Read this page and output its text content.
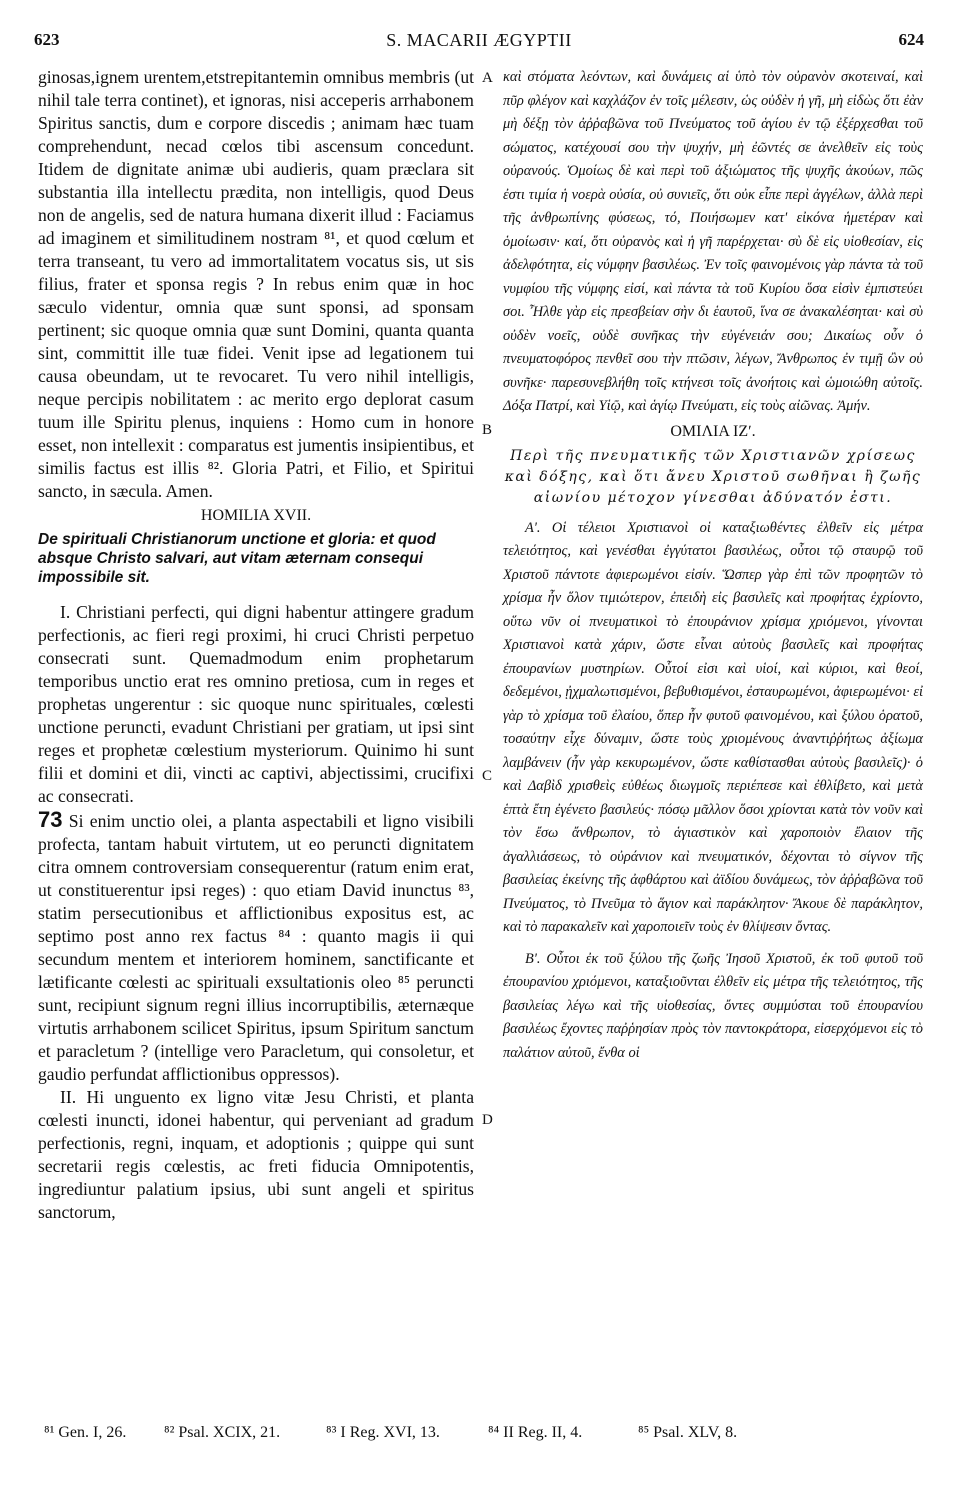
623	S. MACARII ÆGYPTII	624

ginosas,ignem urentem,etstrepitantemin omnibus membris (ut nihil tale terra continet), et ignoras, nisi acceperis arrhabonem Spiritus sanctis, dum e corpore discedis ; animam hæc tuam comprehendunt, necad cœlos tibi ascensum concedunt. Itidem de dignitate animæ ubi audieris, quam præclara sit substantia illa intellectu prædita, non intelligis, quod Deus non de angelis, sed de natura humana dixerit illud : Faciamus ad imaginem et similitudinem nostram ⁸¹, et quod cœlum et terra transeant, tu vero ad immortalitatem vocatus sis, ut sis filius, frater et sponsa regis ? In rebus enim quæ in hoc sæculo videntur, omnia quæ sunt sponsi, ad sponsam pertinent; sic quoque omnia quæ sunt Domini, quanta quanta sint, committit ille tuæ fidei. Venit ipse ad legationem tui causa obeundam, ut te revocaret. Tu vero nihil intelligis, neque percipis nobilitatem : ac merito ergo deplorat casum tuum ille Spiritu plenus, inquiens : Homo cum in honore esset, non intellexit : comparatus est jumentis insipientibus, et similis factus est illis ⁸². Gloria Patri, et Filio, et Spiritui sancto, in sæcula. Amen.

HOMILIA XVII.

De spirituali Christianorum unctione et gloria: et quod absque Christo salvari, aut vitam æternam consequi impossibile sit.

I. Christiani perfecti, qui digni habentur attingere gradum perfectionis, ac fieri regi proximi, hi cruci Christi perpetuo consecrati sunt. Quemadmodum enim prophetarum temporibus unctio erat res omnino pretiosa, cum in reges et prophetas ungerentur : sic quoque nunc spirituales, cœlesti unctione peruncti, evadunt Christiani per gratiam, ut ipsi sint reges et prophetæ cœlestium mysteriorum. Quinimo hi sunt filii et domini et dii, vincti ac captivi, abjectissimi, crucifixi ac consecrati.

73 Si enim unctio olei, a planta aspectabili et ligno visibili profecta, tantam habuit virtutem, ut eo peruncti dignitatem citra omnem controversiam consequerentur (ratum enim erat, ut constituerentur ipsi reges) : quo etiam David inunctus ⁸³, statim persecutionibus et afflictionibus expositus est, ac septimo post anno rex factus ⁸⁴ : quanto magis ii qui secundum mentem et interiorem hominem, sanctificante et lætificante cœlesti ac spirituali exsultationis oleo ⁸⁵ peruncti sunt, recipiunt signum regni illius incorruptibilis, æternæque virtutis arrhabonem scilicet Spiritus, ipsum Spiritum sanctum et paracletum ? (intellige vero Paracletum, qui consoletur, et gaudio perfundat afflictionibus oppressos).

II. Hi unguento ex ligno vitæ Jesu Christi, et planta cœlesti inuncti, idonei habentur, qui perveniant ad gradum perfectionis, regni, inquam, et adoptionis ; quippe qui sunt secretarii regis cœlestis, ac freti fiducia Omnipotentis, ingrediuntur palatium ipsius, ubi sunt angeli et spiritus sanctorum,

A
B
C
D

καὶ στόματα λεόντων, καὶ δυνάμεις αἱ ὑπὸ τὸν οὐρανὸν σκοτειναί, καὶ πῦρ φλέγον καὶ καχλάζον ἐν τοῖς μέλεσιν, ὡς οὐδὲν ἡ γῆ, μὴ εἰδὼς ὅτι ἐὰν μὴ δέξῃ τὸν ἀῤῥαβῶνα τοῦ Πνεύματος τοῦ ἁγίου ἐν τῷ ἐξέρχεσθαι τοῦ σώματος, κατέχουσί σου τὴν ψυχήν, μὴ ἐῶντές σε ἀνελθεῖν εἰς τοὺς οὐρανούς. Ὁμοίως δὲ καὶ περὶ τοῦ ἀξιώματος τῆς ψυχῆς ἀκούων, πῶς ἐστι τιμία ἡ νοερὰ οὐσία, οὐ συνιεῖς, ὅτι οὐκ εἶπε περὶ ἀγγέλων, ἀλλὰ περὶ τῆς ἀνθρωπίνης φύσεως, τό, Ποιήσωμεν κατ' εἰκόνα ἡμετέραν καὶ ὁμοίωσιν· καί, ὅτι οὐρανὸς καὶ ἡ γῆ παρέρχεται· σὺ δὲ εἰς υἱοθεσίαν, εἰς ἀδελφότητα, εἰς νύμφην βασιλέως. Ἐν τοῖς φαινομένοις γὰρ πάντα τὰ τοῦ νυμφίου τῆς νύμφης εἰσί, καὶ πάντα τὰ τοῦ Κυρίου ὅσα εἰσὶν ἐμπιστεύει σοι. Ἦλθε γὰρ εἰς πρεσβείαν σὴν δι ἑαυτοῦ, ἵνα σε ἀνακαλέσηται· καὶ σὺ οὐδὲν νοεῖς, οὐδὲ συνῆκας τὴν εὐγένειάν σου; Δικαίως οὖν ὁ πνευματοφόρος πενθεῖ σου τὴν πτῶσιν, λέγων, Ἄνθρωπος ἐν τιμῇ ὢν οὐ συνῆκε· παρεσυνεβλήθη τοῖς κτήνεσι τοῖς ἀνοήτοις καὶ ὡμοιώθη αὐτοῖς. Δόξα Πατρί, καὶ Υἱῷ, καὶ ἁγίῳ Πνεύματι, εἰς τοὺς αἰῶνας. Ἀμήν.

ΟΜΙΛΙΑ ΙΖʹ.

Περὶ τῆς πνευματικῆς τῶν Χριστιανῶν χρίσεως καὶ δόξης, καὶ ὅτι ἄνευ Χριστοῦ σωθῆναι ἢ ζωῆς αἰωνίου μέτοχον γίνεσθαι ἀδύνατόν ἐστι.

Αʹ. Οἱ τέλειοι Χριστιανοὶ οἱ καταξιωθέντες ἐλθεῖν εἰς μέτρα τελειότητος, καὶ γενέσθαι ἐγγύτατοι βασιλέως, οὗτοι τῷ σταυρῷ τοῦ Χριστοῦ πάντοτε ἀφιερωμένοι εἰσίν. Ὥσπερ γὰρ ἐπὶ τῶν προφητῶν τὸ χρίσμα ἦν ὅλον τιμιώτερον, ἐπειδὴ εἰς βασιλεῖς καὶ προφήτας ἐχρίοντο, οὕτω νῦν οἱ πνευματικοὶ τὸ ἐπουράνιον χρίσμα χριόμενοι, γίνονται Χριστιανοὶ κατὰ χάριν, ὥστε εἶναι αὐτοὺς βασιλεῖς καὶ προφήτας ἐπουρανίων μυστηρίων. Οὗτοί εἰσι καὶ υἱοί, καὶ κύριοι, καὶ θεοί, δεδεμένοι, ᾐχμαλωτισμένοι, βεβυθισμένοι, ἐσταυρωμένοι, ἀφιερωμένοι· εἰ γὰρ τὸ χρίσμα τοῦ ἐλαίου, ὅπερ ἦν φυτοῦ φαινομένου, καὶ ξύλου ὁρατοῦ, τοσαύτην εἶχε δύναμιν, ὥστε τοὺς χριομένους ἀναντιῤῥήτως ἀξίωμα λαμβάνειν (ἦν γὰρ κεκυρωμένον, ὥστε καθίστασθαι αὐτοὺς βασιλεῖς)· ὁ καὶ Δαβὶδ χρισθεὶς εὐθέως διωγμοῖς περιέπεσε καὶ ἐθλίβετο, καὶ μετὰ ἑπτὰ ἔτη ἐγένετο βασιλεύς· πόσῳ μᾶλλον ὅσοι χρίονται κατὰ τὸν νοῦν καὶ τὸν ἔσω ἄνθρωπον, τὸ ἁγιαστικὸν καὶ χαροποιὸν ἔλαιον τῆς ἀγαλλιάσεως, τὸ οὐράνιον καὶ πνευματικόν, δέχονται τὸ σίγνον τῆς βασιλείας ἐκείνης τῆς ἀφθάρτου καὶ ἀϊδίου δυνάμεως, τὸν ἀῤῥαβῶνα τοῦ Πνεύματος, τὸ Πνεῦμα τὸ ἅγιον καὶ παράκλητον· Ἄκουε δὲ παράκλητον, καὶ τὸ παρακαλεῖν καὶ χαροποιεῖν τοὺς ἐν θλίψεσιν ὄντας.

Βʹ. Οὗτοι ἐκ τοῦ ξύλου τῆς ζωῆς Ἰησοῦ Χριστοῦ, ἐκ τοῦ φυτοῦ τοῦ ἐπουρανίου χριόμενοι, καταξιοῦνται ἐλθεῖν εἰς μέτρα τῆς τελειότητος, τῆς βασιλείας λέγω καὶ τῆς υἱοθεσίας, ὄντες συμμύσται τοῦ ἐπουρανίου βασιλέως ἔχοντες παῤῥησίαν πρὸς τὸν παντοκράτορα, εἰσερχόμενοι εἰς τὸ παλάτιον αὐτοῦ, ἔνθα οἱ

⁸¹ Gen. I, 26. ⁸² Psal. XCIX, 21.	⁸³ I Reg. XVI, 13.	⁸⁴ II Reg. II, 4.	⁸⁵ Psal. XLV, 8.
